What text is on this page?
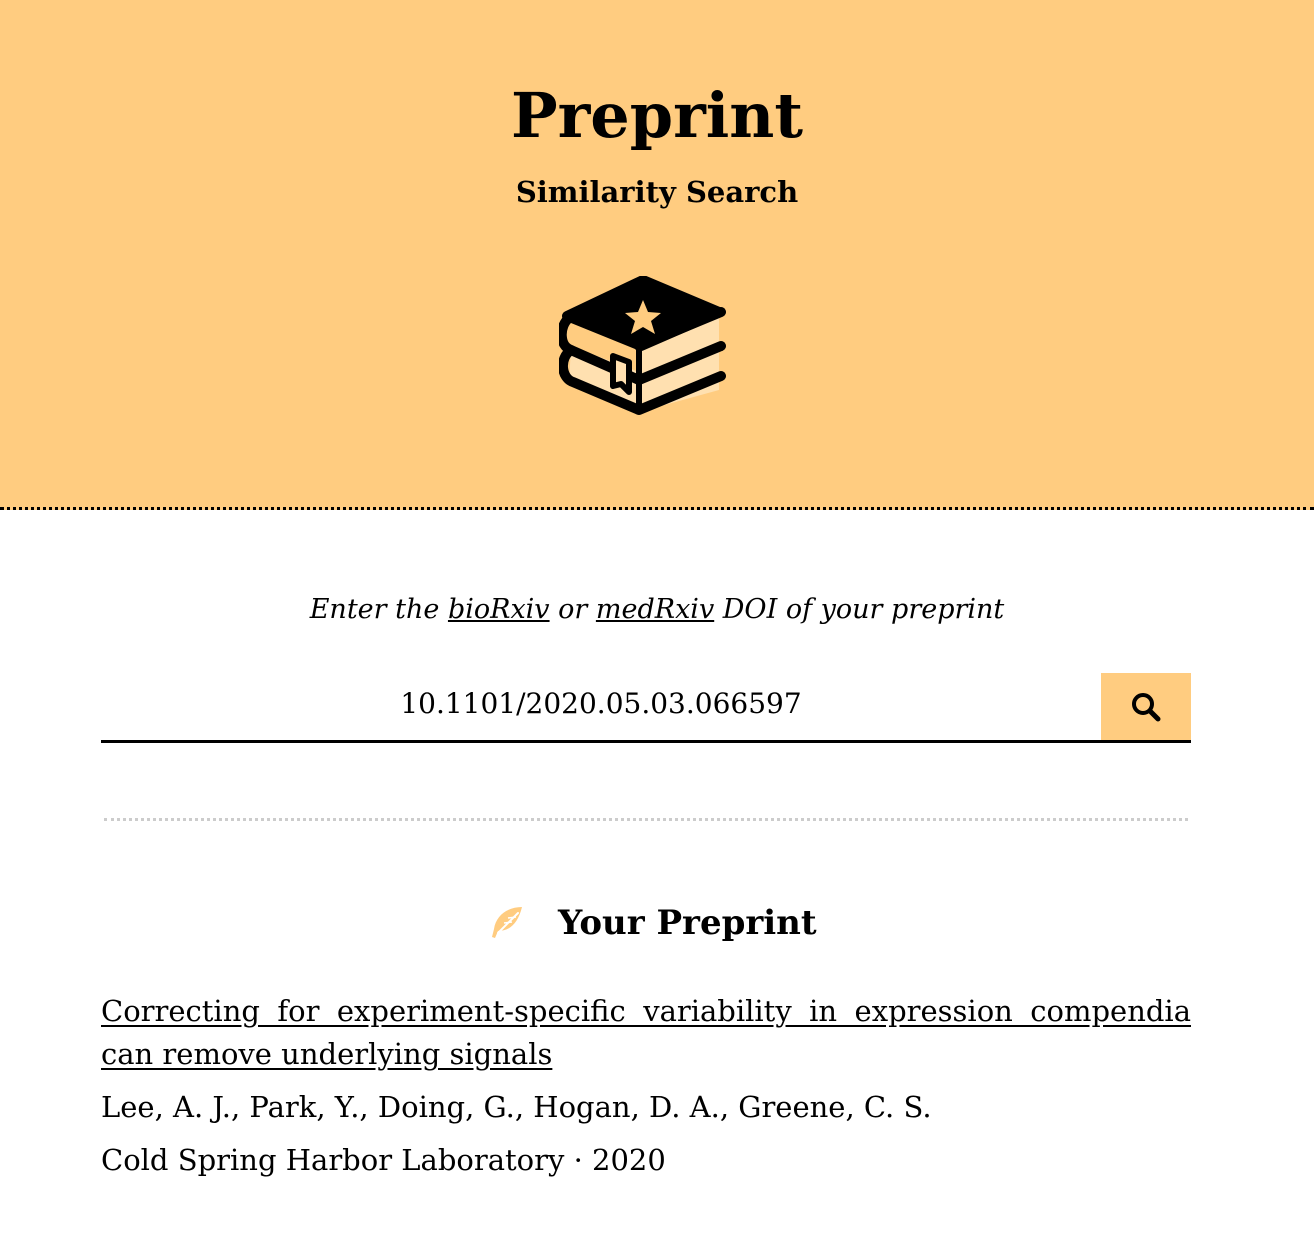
Preprint
Similarity Search
Enter the bioRxiv or medRxiv DOI of your preprint
10.1101/2020.05.03.066597
Your Preprint
Correcting for experiment-specific variability in expression compendia can remove underlying signals
Lee, A. J., Park, Y., Doing, G., Hogan, D. A., Greene, C. S.
Cold Spring Harbor Laboratory · 2020
